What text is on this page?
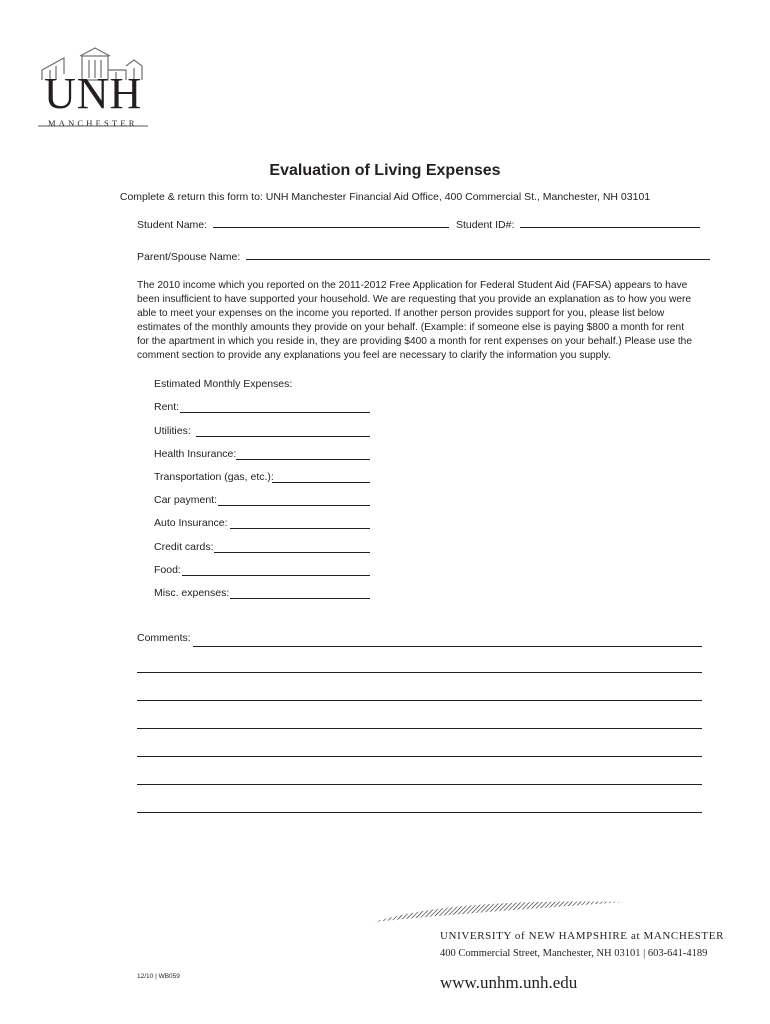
UNH
MANCHESTER
Evaluation of Living Expenses
Complete & return this form to: UNH Manchester Financial Aid Office, 400 Commercial St., Manchester, NH 03101
Student Name:	Student ID#:
Parent/Spouse Name:
The 2010 income which you reported on the 2011-2012 Free Application for Federal Student Aid (FAFSA) appears to have been insufficient to have supported your household. We are requesting that you provide an explanation as to how you were able to meet your expenses on the income you reported. If another person provides support for you, please list below estimates of the monthly amounts they provide on your behalf. (Example: if someone else is paying $800 a month for rent for the apartment in which you reside in, they are providing $400 a month for rent expenses on your behalf.) Please use the comment section to provide any explanations you feel are necessary to clarify the information you supply.
Estimated Monthly Expenses:
Rent:
Utilities:
Health Insurance:
Transportation (gas, etc.):
Car payment:
Auto Insurance:
Credit cards:
Food:
Misc. expenses:
Comments:
UNIVERSITY of NEW HAMPSHIRE at MANCHESTER
400 Commercial Street, Manchester, NH 03101 | 603-641-4189
www.unhm.unh.edu
12/10 | WB059
